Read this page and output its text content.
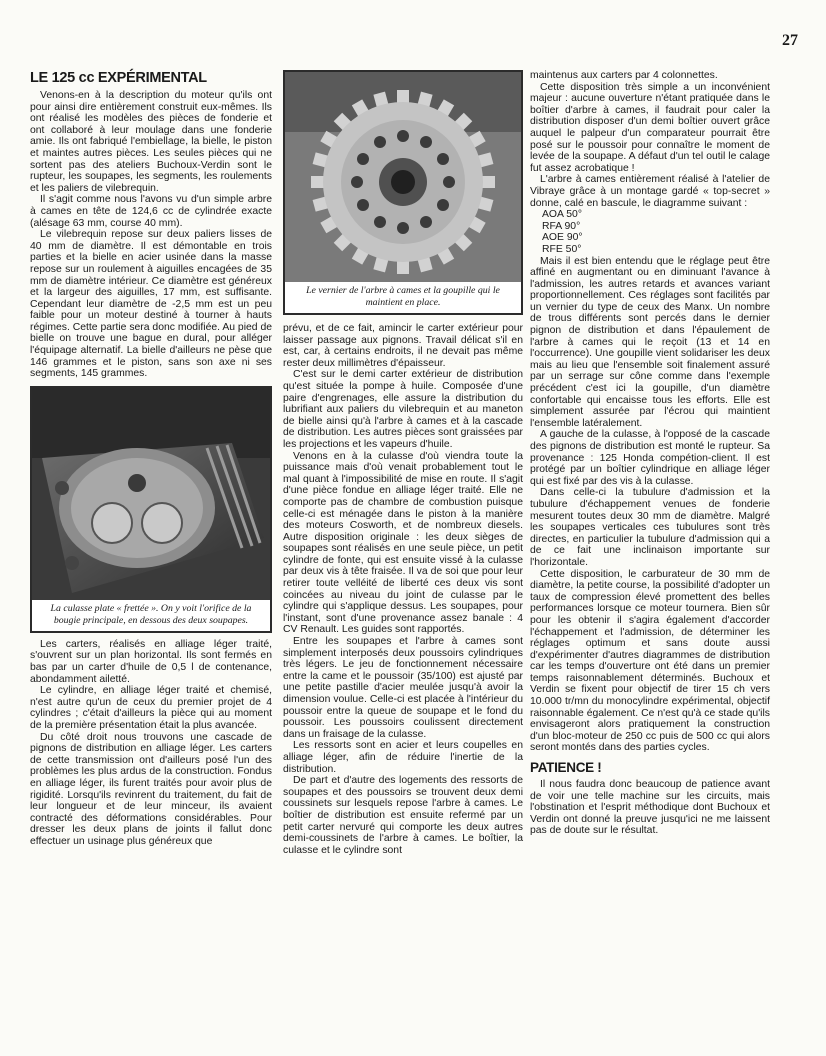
27
LE 125 cc EXPÉRIMENTAL

Venons-en à la description du moteur qu'ils ont pour ainsi dire entièrement construit eux-mêmes. Ils ont réalisé les modèles des pièces de fonderie et ont collaboré à leur moulage dans une fonderie amie. Ils ont fabriqué l'embiellage, la bielle, le piston et maintes autres pièces. Les seules pièces qui ne sortent pas des ateliers Buchoux-Verdin sont le rupteur, les soupapes, les segments, les roulements et les paliers de vilebrequin.

Il s'agit comme nous l'avons vu d'un simple arbre à cames en tête de 124,6 cc de cylindrée exacte (alésage 63 mm, course 40 mm).

Le vilebrequin repose sur deux paliers lisses de 40 mm de diamètre. Il est démontable en trois parties et la bielle en acier usinée dans la masse repose sur un roulement à aiguilles encagées de 35 mm de diamètre intérieur. Ce diamètre est généreux et la largeur des aiguilles, 17 mm, est suffisante. Cependant leur diamètre de -2,5 mm est un peu faible pour un moteur destiné à tourner à hauts régimes. Cette partie sera donc modifiée. Au pied de bielle on trouve une bague en dural, pour alléger l'équipage alternatif. La bielle d'ailleurs ne pèse que 146 grammes et le piston, sans son axe ni ses segments, 145 grammes.

La culasse plate « frettée ». On y voit l'orifice de la bougie principale, en dessous des deux soupapes.

Les carters, réalisés en alliage léger traité, s'ouvrent sur un plan horizontal. Ils sont fermés en bas par un carter d'huile de 0,5 l de contenance, abondamment ailetté.

Le cylindre, en alliage léger traité et chemisé, n'est autre qu'un de ceux du premier projet de 4 cylindres ; c'était d'ailleurs la pièce qui au moment de la première présentation était la plus avancée.

Du côté droit nous trouvons une cascade de pignons de distribution en alliage léger. Les carters de cette transmission ont d'ailleurs posé l'un des problèmes les plus ardus de la construction. Fondus en alliage léger, ils furent traités pour avoir plus de rigidité. Lorsqu'ils revinrent du traitement, du fait de leur longueur et de leur minceur, ils avaient contracté des déformations considérables. Pour dresser les deux plans de joints il fallut donc effectuer un usinage plus généreux que

Le vernier de l'arbre à cames et la goupille qui le maintient en place.

prévu, et de ce fait, amincir le carter extérieur pour laisser passage aux pignons. Travail délicat s'il en est, car, à certains endroits, il ne devait pas même rester deux millimètres d'épaisseur.

C'est sur le demi carter extérieur de distribution qu'est située la pompe à huile. Composée d'une paire d'engrenages, elle assure la distribution du lubrifiant aux paliers du vilebrequin et au maneton de bielle ainsi qu'à l'arbre à cames et à la cascade de distribution. Les autres pièces sont graissées par les projections et les vapeurs d'huile.

Venons en à la culasse d'où viendra toute la puissance mais d'où venait probablement tout le mal quant à l'impossibilité de mise en route. Il s'agit d'une pièce fondue en alliage léger traité. Elle ne comporte pas de chambre de combustion puisque celle-ci est ménagée dans le piston à la manière des moteurs Cosworth, et de nombreux diesels. Autre disposition originale : les deux sièges de soupapes sont réalisés en une seule pièce, un petit cylindre de fonte, qui est ensuite vissé à la culasse par deux vis à tête fraisée. Il va de soi que pour leur retirer toute velléité de liberté ces deux vis sont coincées au niveau du joint de culasse par le cylindre qui s'applique dessus. Les soupapes, pour l'instant, sont d'une provenance assez banale : 4 CV Renault. Les guides sont rapportés.

Entre les soupapes et l'arbre à cames sont simplement interposés deux poussoirs cylindriques très légers. Le jeu de fonctionnement nécessaire entre la came et le poussoir (35/100) est ajusté par une petite pastille d'acier meulée jusqu'à avoir la dimension voulue. Celle-ci est placée à l'intérieur du poussoir entre la queue de soupape et le fond du poussoir. Les poussoirs coulissent directement dans un fraisage de la culasse.

Les ressorts sont en acier et leurs coupelles en alliage léger, afin de réduire l'inertie de la distribution.

De part et d'autre des logements des ressorts de soupapes et des poussoirs se trouvent deux demi coussinets sur lesquels repose l'arbre à cames. Le boîtier de distribution est ensuite refermé par un petit carter nervuré qui comporte les deux autres demi-coussinets de l'arbre à cames. Le boîtier, la culasse et le cylindre sont

maintenus aux carters par 4 colonnettes.

Cette disposition très simple a un inconvénient majeur : aucune ouverture n'étant pratiquée dans le boîtier d'arbre à cames, il faudrait pour caler la distribution disposer d'un demi boîtier ouvert grâce auquel le palpeur d'un comparateur pourrait être posé sur le poussoir pour connaître le moment de levée de la soupape. A défaut d'un tel outil le calage fut assez acrobatique !

L'arbre à cames entièrement réalisé à l'atelier de Vibraye grâce à un montage gardé « top-secret » donne, calé en bascule, le diagramme suivant :

AOA 50°

RFA 90°

AOE 90°

RFE 50°

Mais il est bien entendu que le réglage peut être affiné en augmentant ou en diminuant l'avance à l'admission, les autres retards et avances variant proportionnellement. Ces réglages sont facilités par un vernier du type de ceux des Manx. Un nombre de trous différents sont percés dans le dernier pignon de distribution et dans l'épaulement de l'arbre à cames qui le reçoit (13 et 14 en l'occurrence). Une goupille vient solidariser les deux mais au lieu que l'ensemble soit finalement assuré par un serrage sur cône comme dans l'exemple précédent c'est ici la goupille, d'un diamètre confortable qui encaisse tous les efforts. Elle est simplement assurée par l'écrou qui maintient l'ensemble latéralement.

A gauche de la culasse, à l'opposé de la cascade des pignons de distribution est monté le rupteur. Sa provenance : 125 Honda compétion-client. Il est protégé par un boîtier cylindrique en alliage léger qui est fixé par des vis à la culasse.

Dans celle-ci la tubulure d'admission et la tubulure d'échappement venues de fonderie mesurent toutes deux 30 mm de diamètre. Malgré les soupapes verticales ces tubulures sont très directes, en particulier la tubulure d'admission qui a de ce fait une inclinaison importante sur l'horizontale.

Cette disposition, le carburateur de 30 mm de diamètre, la petite course, la possibilité d'adopter un taux de compression élevé promettent des belles performances lorsque ce moteur tournera. Bien sûr pour les obtenir il s'agira également d'accorder l'échappement et l'admission, de déterminer les réglages optimum et sans doute aussi d'expérimenter d'autres diagrammes de distribution car les temps d'ouverture ont été dans un premier temps raisonnablement déterminés. Buchoux et Verdin se fixent pour objectif de tirer 15 ch vers 10.000 tr/mn du monocylindre expérimental, objectif raisonnable également. Ce n'est qu'à ce stade qu'ils envisageront alors pratiquement la construction d'un bloc-moteur de 250 cc puis de 500 cc qui alors seront montés dans des parties cycles.

PATIENCE !

Il nous faudra donc beaucoup de patience avant de voir une telle machine sur les circuits, mais l'obstination et l'esprit méthodique dont Buchoux et Verdin ont donné la preuve jusqu'ici ne me laissent pas de doute sur le résultat.
